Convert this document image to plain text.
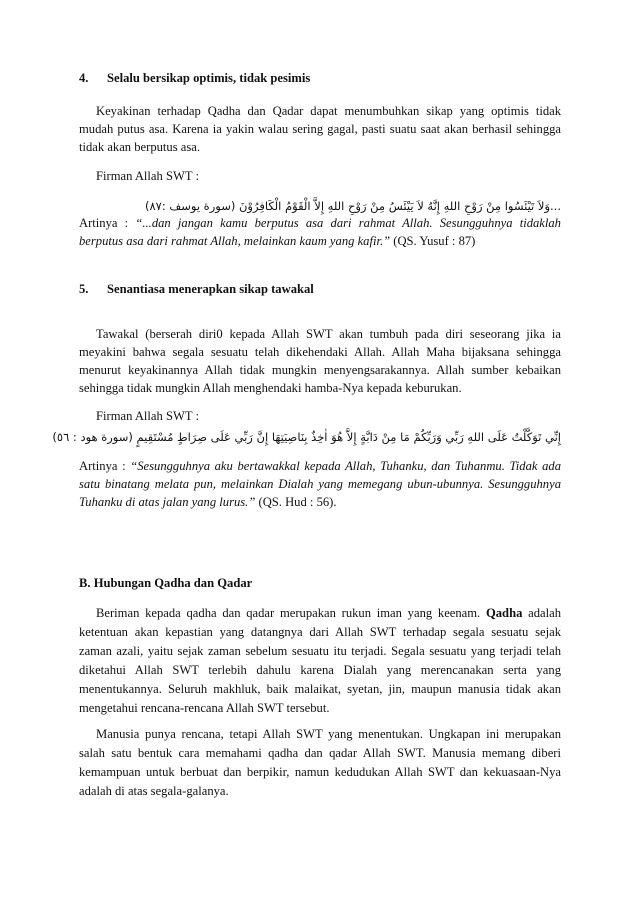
4. Selalu bersikap optimis, tidak pesimis
Keyakinan terhadap Qadha dan Qadar dapat menumbuhkan sikap yang optimis tidak
mudah putus asa. Karena ia yakin walau sering gagal, pasti suatu saat akan berhasil sehingga
tidak akan berputus asa.
Firman Allah SWT :
...وَلاَ تَيْئَسُوا مِنْ رَوْحِ اللهِ إِنَّهُ لاَ يَيْئَسُ مِنْ رَوْحِ اللهِ إِلاَّ الْقَوْمُ الْكَافِرُوْنَ (سورة يوسف :٨٧)
Artinya : “...dan jangan kamu berputus asa dari rahmat Allah. Sesungguhnya tidaklah
berputus asa dari rahmat Allah, melainkan kaum yang kafir.” (QS. Yusuf : 87)
5. Senantiasa menerapkan sikap tawakal
Tawakal (berserah diri0 kepada Allah SWT akan tumbuh pada diri seseorang jika ia
meyakini bahwa segala sesuatu telah dikehendaki Allah. Allah Maha bijaksana sehingga
menurut keyakinannya Allah tidak mungkin menyengsarakannya. Allah sumber kebaikan
sehingga tidak mungkin Allah menghendaki hamba-Nya kepada keburukan.
Firman Allah SWT :
إِنِّي تَوَكَّلْتُ عَلَى اللهِ رَبِّي وَرَبِّكُمْ مَا مِنْ دَابَّةٍ إِلاَّ هُوَ اٰخِذٌ بِنَاصِيَتِهَا إِنَّ رَبِّي عَلَى صِرَاطٍ مُسْتَقِيمٍ (سورة هود : ٥٦)
Artinya : “Sesungguhnya aku bertawakkal kepada Allah, Tuhanku, dan Tuhanmu. Tidak ada
satu binatang melata pun, melainkan Dialah yang memegang ubun-ubunnya. Sesungguhnya
Tuhanku di atas jalan yang lurus.” (QS. Hud : 56).
B. Hubungan Qadha dan Qadar
Beriman kepada qadha dan qadar merupakan rukun iman yang keenam. Qadha adalah
ketentuan akan kepastian yang datangnya dari Allah SWT terhadap segala sesuatu sejak
zaman azali, yaitu sejak zaman sebelum sesuatu itu terjadi. Segala sesuatu yang terjadi telah
diketahui Allah SWT terlebih dahulu karena Dialah yang merencanakan serta yang
menentukannya. Seluruh makhluk, baik malaikat, syetan, jin, maupun manusia tidak akan
mengetahui rencana-rencana Allah SWT tersebut.
Manusia punya rencana, tetapi Allah SWT yang menentukan. Ungkapan ini merupakan
salah satu bentuk cara memahami qadha dan qadar Allah SWT. Manusia memang diberi
kemampuan untuk berbuat dan berpikir, namun kedudukan Allah SWT dan kekuasaan-Nya
adalah di atas segala-galanya.
